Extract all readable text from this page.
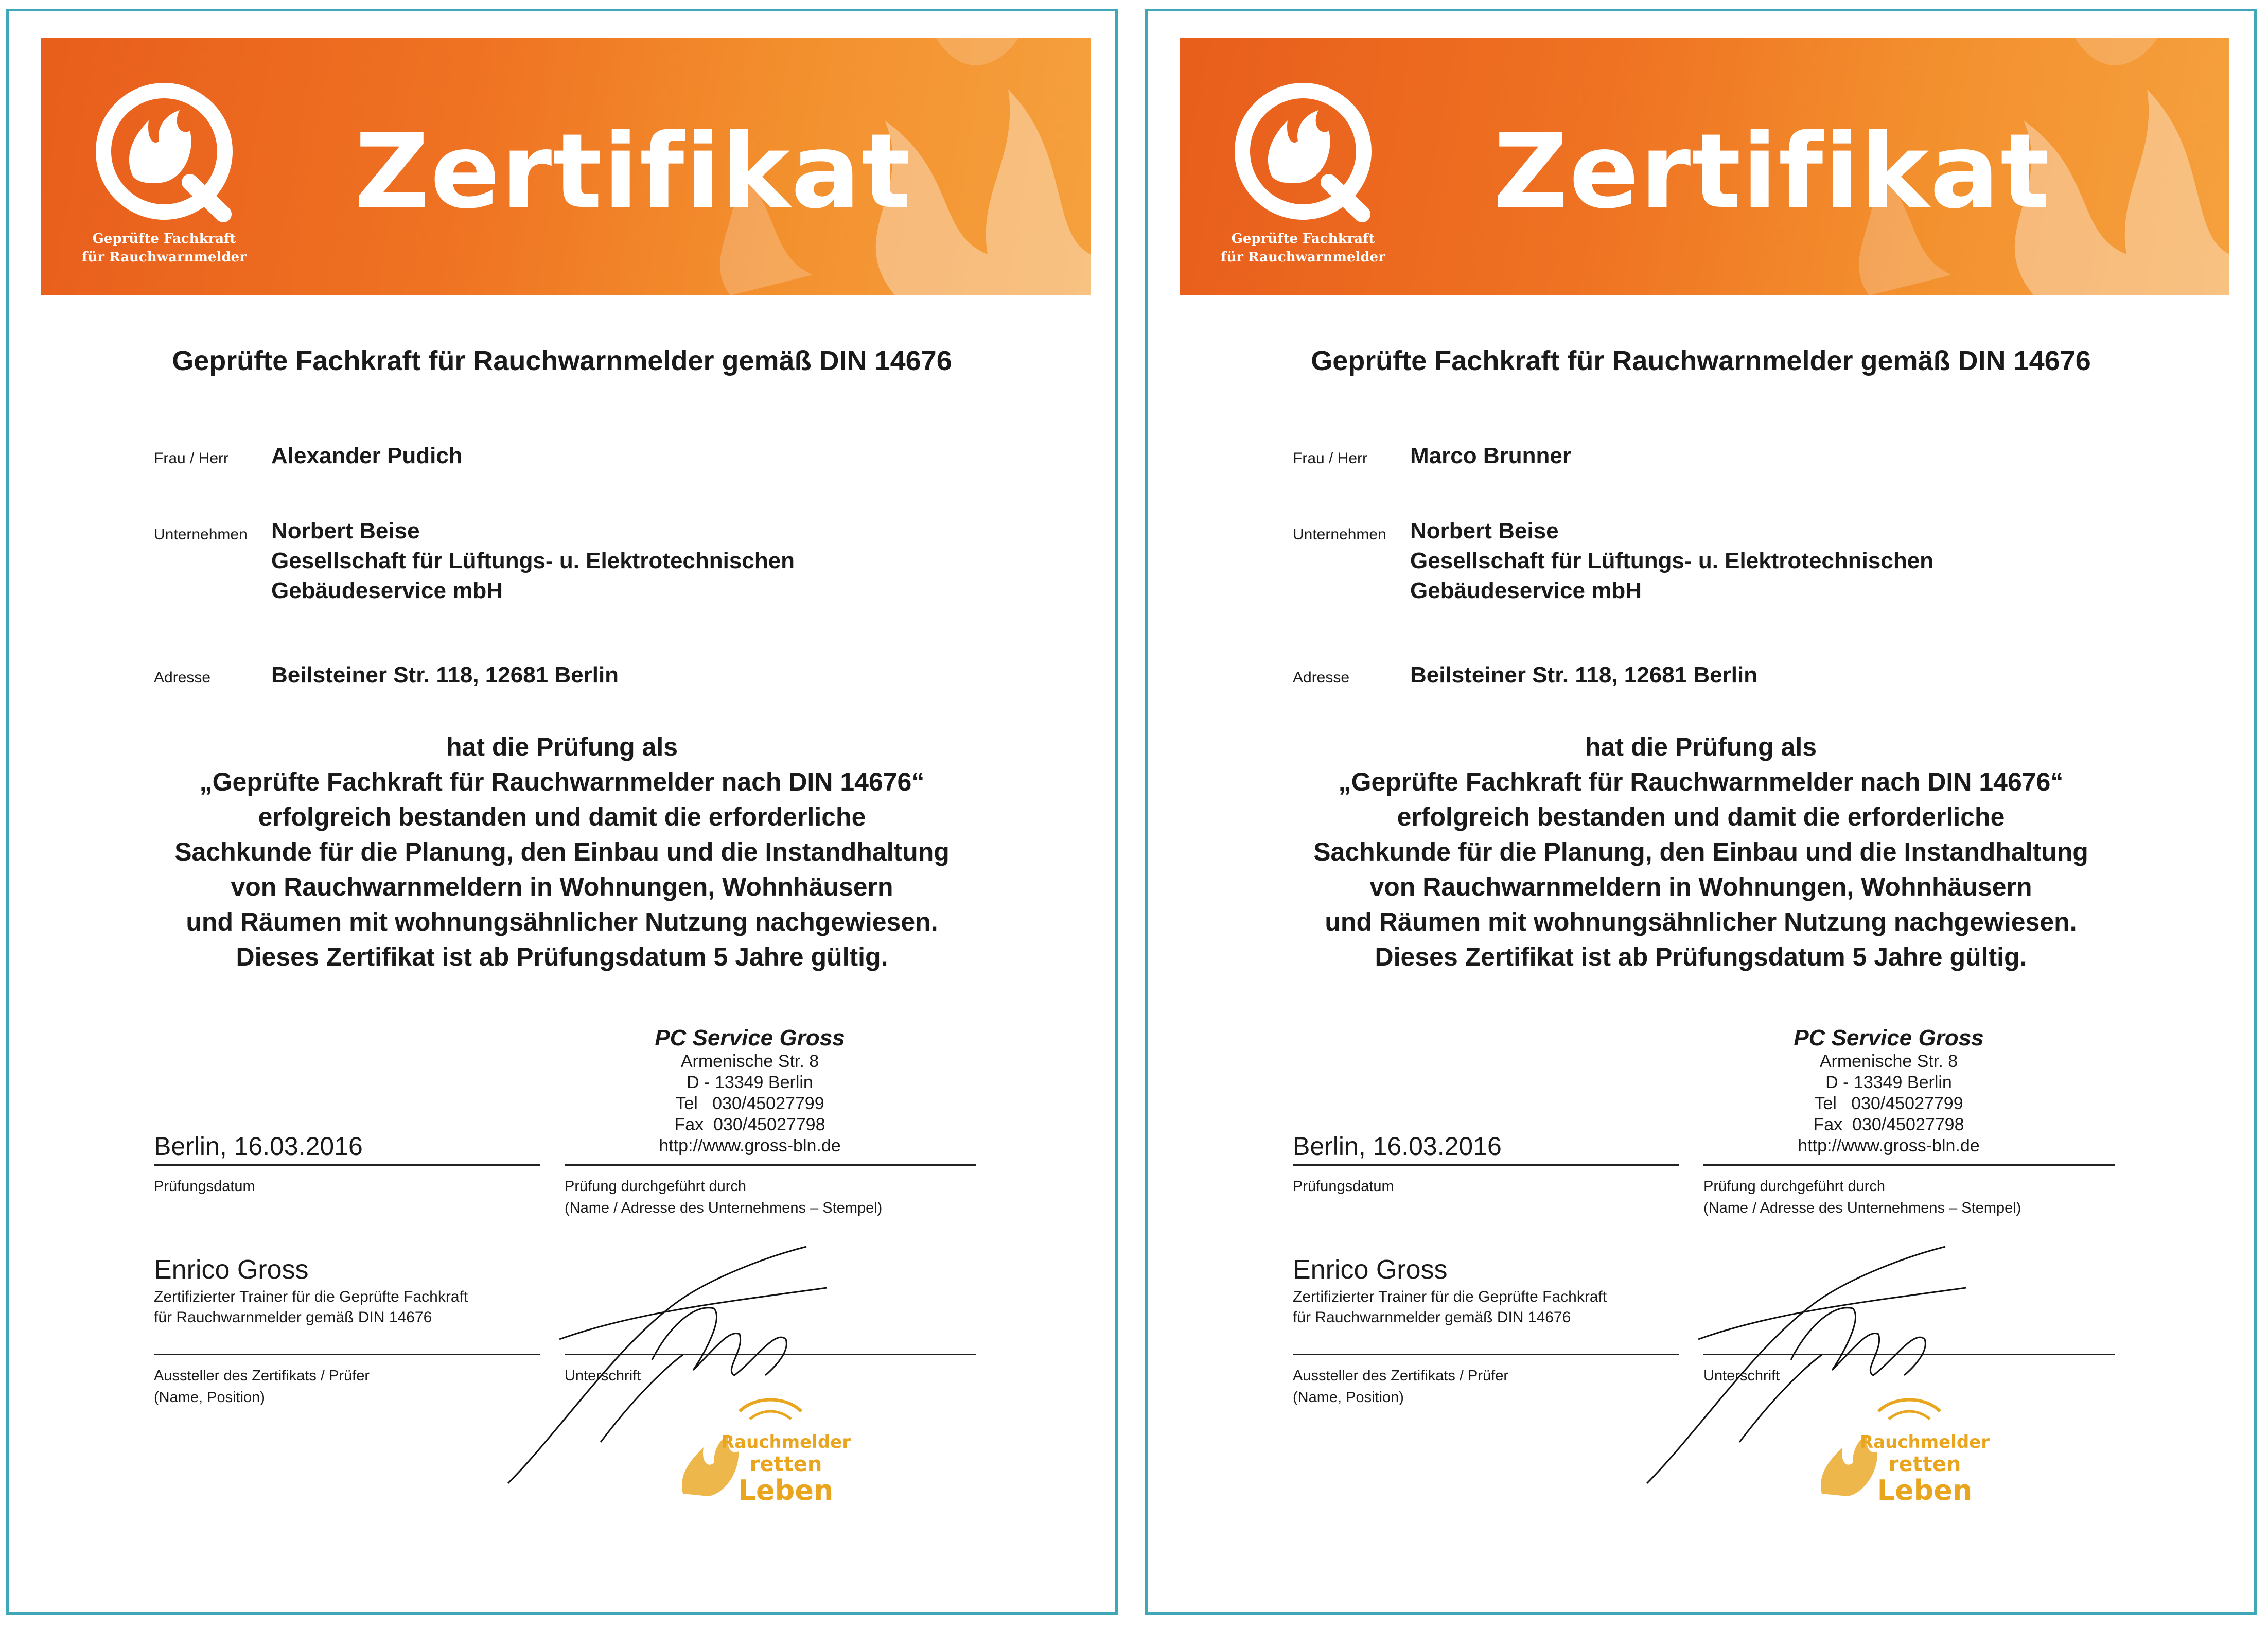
Geprüfte Fachkraft
für Rauchwarnmelder
Zertifikat
Geprüfte Fachkraft für Rauchwarnmelder gemäß DIN 14676
Frau / Herr Alexander Pudich
Unternehmen Norbert Beise
Gesellschaft für Lüftungs- u. Elektrotechnischen
Gebäudeservice mbH
Adresse	Beilsteiner Str. 118, 12681 Berlin
hat die Prüfung als
„Geprüfte Fachkraft für Rauchwarnmelder nach DIN 14676“
erfolgreich bestanden und damit die erforderliche
Sachkunde für die Planung, den Einbau und die Instandhaltung
von Rauchwarnmeldern in Wohnungen, Wohnhäusern
und Räumen mit wohnungsähnlicher Nutzung nachgewiesen.
Dieses Zertifikat ist ab Prüfungsdatum 5 Jahre gültig.
PC Service Gross
Armenische Str. 8
D - 13349 Berlin
Tel   030/45027799
Fax  030/45027798
http://www.gross-bln.de
Berlin, 16.03.2016
Prüfungsdatum	Prüfung durchgeführt durch
(Name / Adresse des Unternehmens – Stempel)
Enrico Gross
Zertifizierter Trainer für die Geprüfte Fachkraft
für Rauchwarnmelder gemäß DIN 14676
Aussteller des Zertifikats / Prüfer
(Name, Position)
Unterschrift
Rauchmelder
retten
Leben
Geprüfte Fachkraft
für Rauchwarnmelder
Zertifikat
Geprüfte Fachkraft für Rauchwarnmelder gemäß DIN 14676
Frau / Herr Marco Brunner
Unternehmen Norbert Beise
Gesellschaft für Lüftungs- u. Elektrotechnischen
Gebäudeservice mbH
Adresse	Beilsteiner Str. 118, 12681 Berlin
hat die Prüfung als
„Geprüfte Fachkraft für Rauchwarnmelder nach DIN 14676“
erfolgreich bestanden und damit die erforderliche
Sachkunde für die Planung, den Einbau und die Instandhaltung
von Rauchwarnmeldern in Wohnungen, Wohnhäusern
und Räumen mit wohnungsähnlicher Nutzung nachgewiesen.
Dieses Zertifikat ist ab Prüfungsdatum 5 Jahre gültig.
PC Service Gross
Armenische Str. 8
D - 13349 Berlin
Tel   030/45027799
Fax  030/45027798
http://www.gross-bln.de
Berlin, 16.03.2016
Prüfungsdatum	Prüfung durchgeführt durch
(Name / Adresse des Unternehmens – Stempel)
Enrico Gross
Zertifizierter Trainer für die Geprüfte Fachkraft
für Rauchwarnmelder gemäß DIN 14676
Aussteller des Zertifikats / Prüfer
(Name, Position)
Unterschrift
Rauchmelder
retten
Leben
